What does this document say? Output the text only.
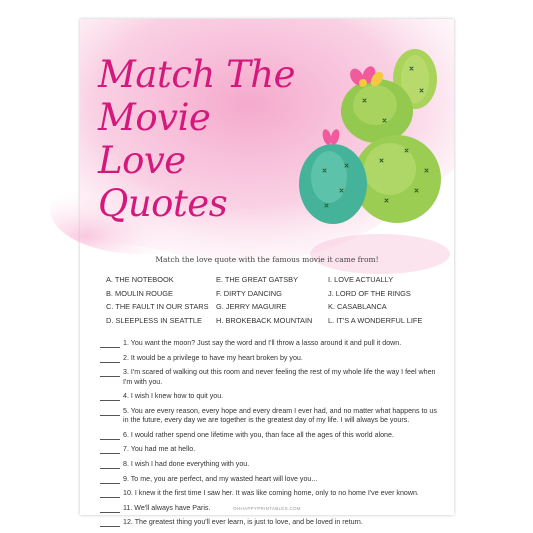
Match The
Movie Love
Quotes
Match the love quote with the famous movie it came from!
A. THE NOTEBOOK	E. THE GREAT GATSBY	I. LOVE ACTUALLY
B. MOULIN ROUGE	F. DIRTY DANCING	J. LORD OF THE RINGS
C. THE FAULT IN OUR STARS	G. JERRY MAGUIRE	K. CASABLANCA
D. SLEEPLESS IN SEATTLE	H. BROKEBACK MOUNTAIN	L. IT'S A WONDERFUL LIFE
1. You want the moon? Just say the word and I'll throw a lasso around it and pull it down.
2. It would be a privilege to have my heart broken by you.
3. I'm scared of walking out this room and never feeling the rest of my whole life the way I feel when I'm with you.
4. I wish I knew how to quit you.
5. You are every reason, every hope and every dream I ever had, and no matter what happens to us in the future, every day we are together is the greatest day of my life. I will always be yours.
6. I would rather spend one lifetime with you, than face all the ages of this world alone.
7. You had me at hello.
8. I wish I had done everything with you.
9. To me, you are perfect, and my wasted heart will love you...
10. I knew it the first time I saw her. It was like coming home, only to no home I've ever known.
11. We'll always have Paris.
12. The greatest thing you'll ever learn, is just to love, and be loved in return.
OHHAPPYPRINTABLES.COM
